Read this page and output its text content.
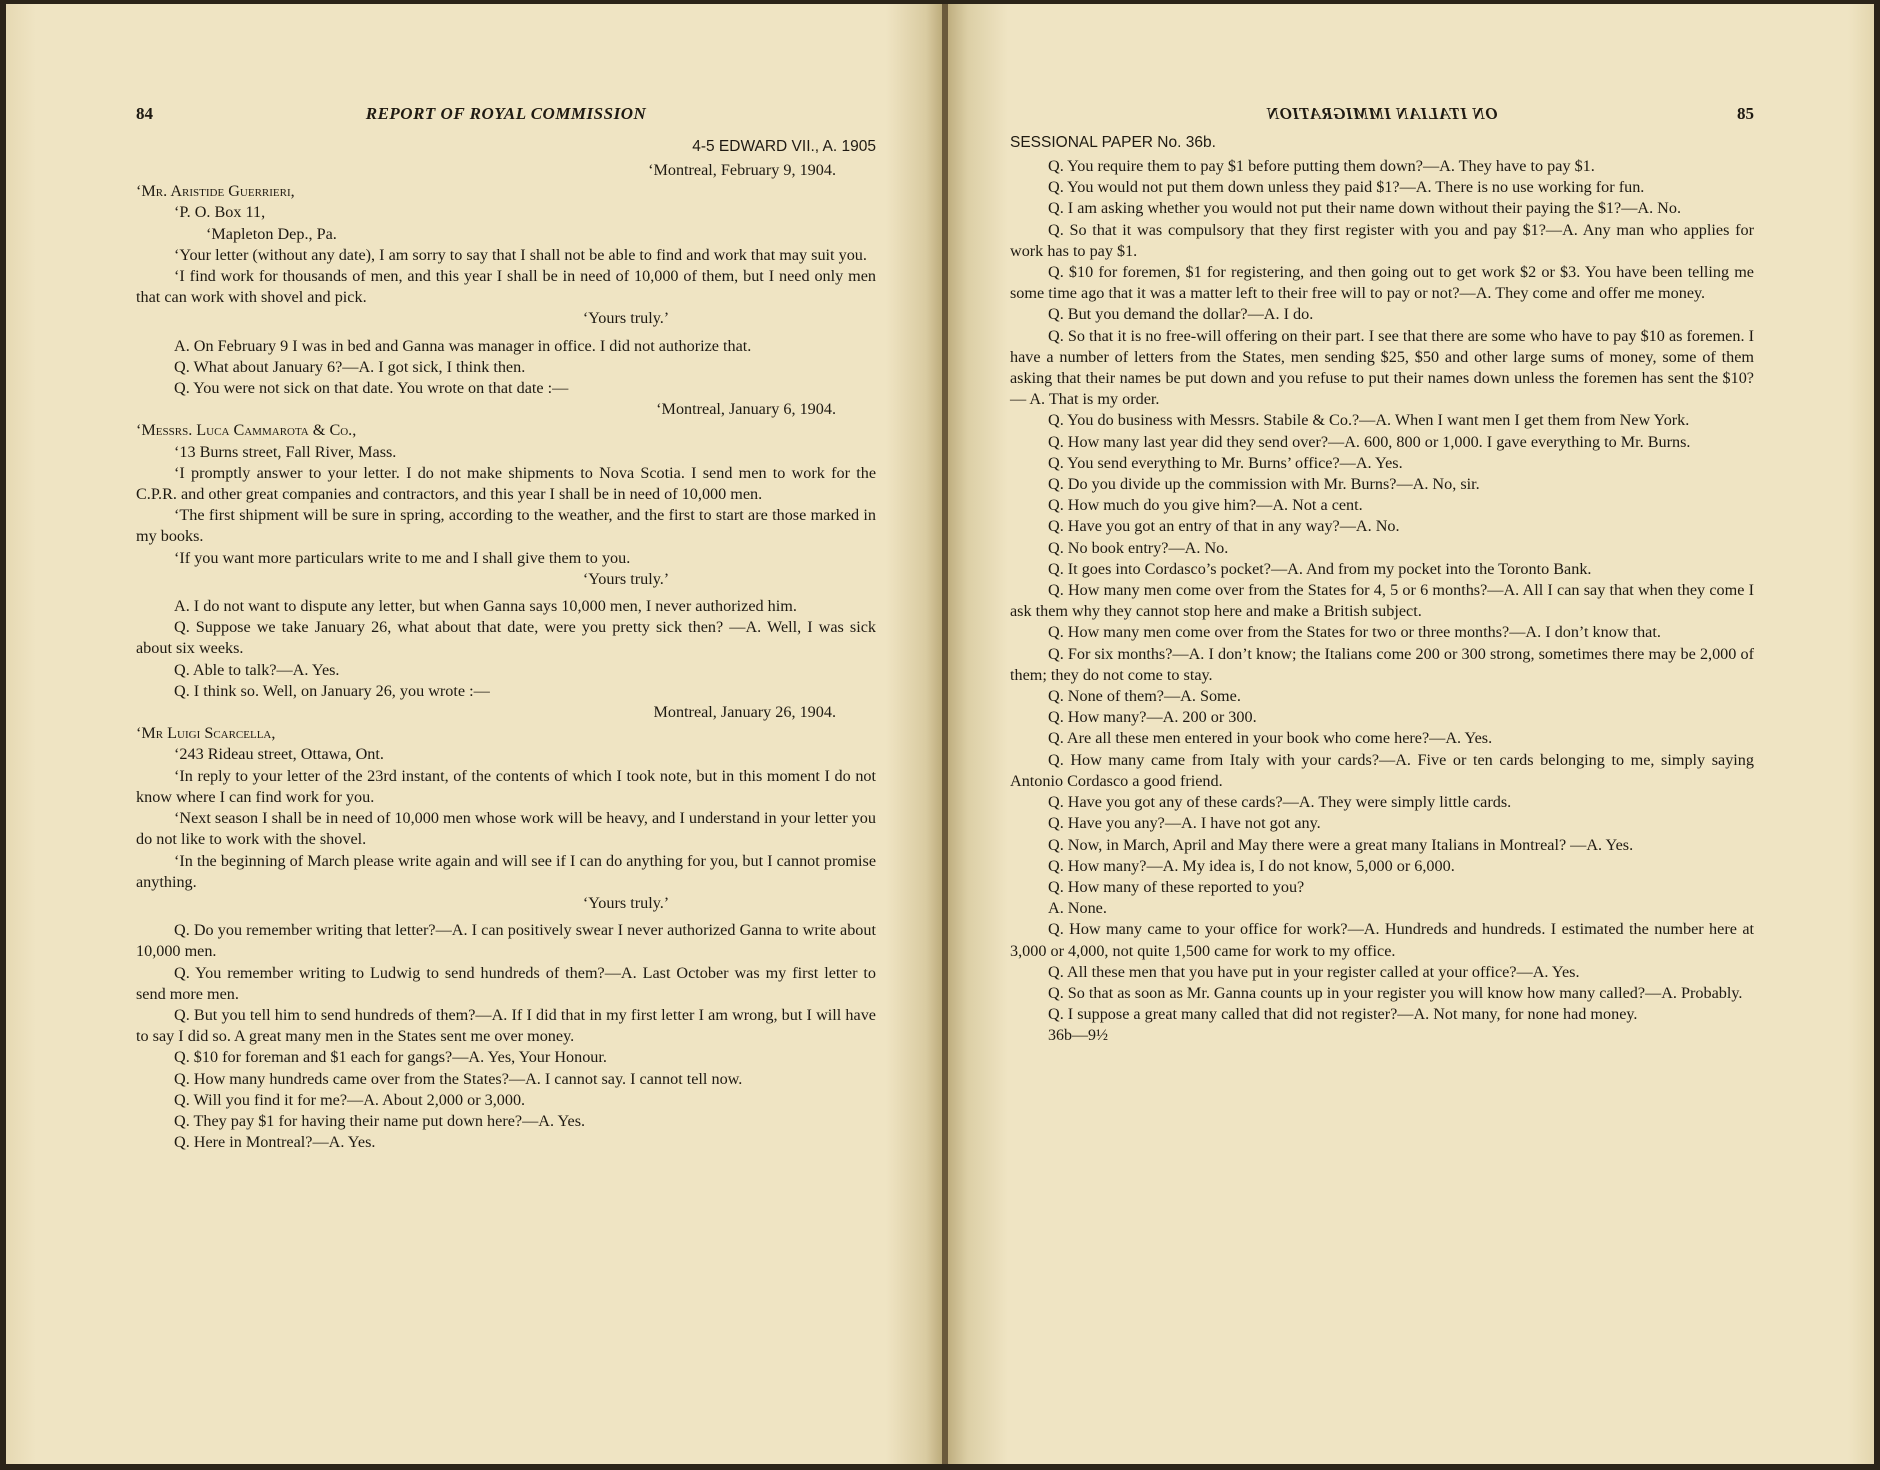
REPORT OF ROYAL COMMISSION
84
4-5 EDWARD VII., A. 1905

‘Montreal, February 9, 1904.

‘Mr. Aristide Guerrieri,

‘P. O. Box 11,

‘Mapleton Dep., Pa.

‘Your letter (without any date), I am sorry to say that I shall not be able to find and work that may suit you.

‘I find work for thousands of men, and this year I shall be in need of 10,000 of them, but I need only men that can work with shovel and pick.

‘Yours truly.’

A. On February 9 I was in bed and Ganna was manager in office. I did not authorize that.

Q. What about January 6?—A. I got sick, I think then.

Q. You were not sick on that date. You wrote on that date :—

‘Montreal, January 6, 1904.

‘Messrs. Luca Cammarota & Co.,

‘13 Burns street, Fall River, Mass.

‘I promptly answer to your letter. I do not make shipments to Nova Scotia. I send men to work for the C.P.R. and other great companies and contractors, and this year I shall be in need of 10,000 men.

‘The first shipment will be sure in spring, according to the weather, and the first to start are those marked in my books.

‘If you want more particulars write to me and I shall give them to you.

‘Yours truly.’

A. I do not want to dispute any letter, but when Ganna says 10,000 men, I never authorized him.

Q. Suppose we take January 26, what about that date, were you pretty sick then? —A. Well, I was sick about six weeks.

Q. Able to talk?—A. Yes.

Q. I think so. Well, on January 26, you wrote :—

Montreal, January 26, 1904.

‘Mr Luigi Scarcella,

‘243 Rideau street, Ottawa, Ont.

‘In reply to your letter of the 23rd instant, of the contents of which I took note, but in this moment I do not know where I can find work for you.

‘Next season I shall be in need of 10,000 men whose work will be heavy, and I understand in your letter you do not like to work with the shovel.

‘In the beginning of March please write again and will see if I can do anything for you, but I cannot promise anything.

‘Yours truly.’

Q. Do you remember writing that letter?—A. I can positively swear I never authorized Ganna to write about 10,000 men.

Q. You remember writing to Ludwig to send hundreds of them?—A. Last October was my first letter to send more men.

Q. But you tell him to send hundreds of them?—A. If I did that in my first letter I am wrong, but I will have to say I did so. A great many men in the States sent me over money.

Q. $10 for foreman and $1 each for gangs?—A. Yes, Your Honour.

Q. How many hundreds came over from the States?—A. I cannot say. I cannot tell now.

Q. Will you find it for me?—A. About 2,000 or 3,000.

Q. They pay $1 for having their name put down here?—A. Yes.

Q. Here in Montreal?—A. Yes.

ON ITALIAN IMMIGRATION	85
SESSIONAL PAPER No. 36b.

Q. You require them to pay $1 before putting them down?—A. They have to pay $1.

Q. You would not put them down unless they paid $1?—A. There is no use working for fun.

Q. I am asking whether you would not put their name down without their paying the $1?—A. No.

Q. So that it was compulsory that they first register with you and pay $1?—A. Any man who applies for work has to pay $1.

Q. $10 for foremen, $1 for registering, and then going out to get work $2 or $3. You have been telling me some time ago that it was a matter left to their free will to pay or not?—A. They come and offer me money.

Q. But you demand the dollar?—A. I do.

Q. So that it is no free-will offering on their part. I see that there are some who have to pay $10 as foremen. I have a number of letters from the States, men sending $25, $50 and other large sums of money, some of them asking that their names be put down and you refuse to put their names down unless the foremen has sent the $10?— A. That is my order.

Q. You do business with Messrs. Stabile & Co.?—A. When I want men I get them from New York.

Q. How many last year did they send over?—A. 600, 800 or 1,000. I gave everything to Mr. Burns.

Q. You send everything to Mr. Burns’ office?—A. Yes.

Q. Do you divide up the commission with Mr. Burns?—A. No, sir.

Q. How much do you give him?—A. Not a cent.

Q. Have you got an entry of that in any way?—A. No.

Q. No book entry?—A. No.

Q. It goes into Cordasco’s pocket?—A. And from my pocket into the Toronto Bank.

Q. How many men come over from the States for 4, 5 or 6 months?—A. All I can say that when they come I ask them why they cannot stop here and make a British subject.

Q. How many men come over from the States for two or three months?—A. I don’t know that.

Q. For six months?—A. I don’t know; the Italians come 200 or 300 strong, sometimes there may be 2,000 of them; they do not come to stay.

Q. None of them?—A. Some.

Q. How many?—A. 200 or 300.

Q. Are all these men entered in your book who come here?—A. Yes.

Q. How many came from Italy with your cards?—A. Five or ten cards belonging to me, simply saying Antonio Cordasco a good friend.

Q. Have you got any of these cards?—A. They were simply little cards.

Q. Have you any?—A. I have not got any.

Q. Now, in March, April and May there were a great many Italians in Montreal? —A. Yes.

Q. How many?—A. My idea is, I do not know, 5,000 or 6,000.

Q. How many of these reported to you?

A. None.

Q. How many came to your office for work?—A. Hundreds and hundreds. I estimated the number here at 3,000 or 4,000, not quite 1,500 came for work to my office.

Q. All these men that you have put in your register called at your office?—A. Yes.

Q. So that as soon as Mr. Ganna counts up in your register you will know how many called?—A. Probably.

Q. I suppose a great many called that did not register?—A. Not many, for none had money.

36b—9½
